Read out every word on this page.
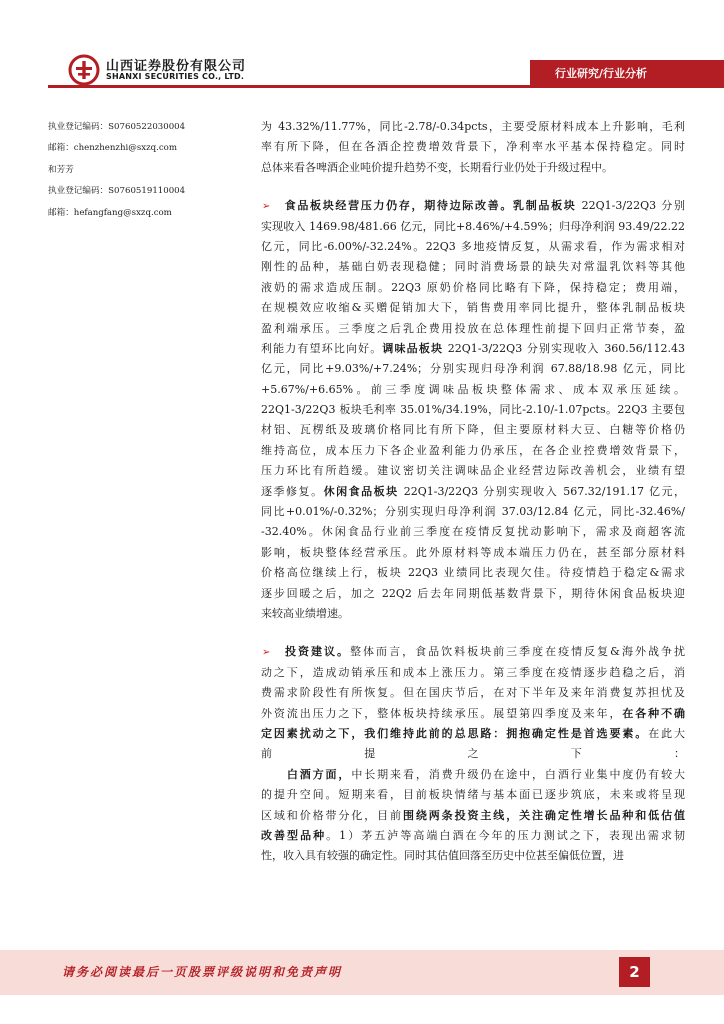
山西证券股份有限公司
SHANXI SECURITIES CO., LTD.	行业研究/行业分析
执业登记编码：S0760522030004
邮箱：chenzhenzhi@sxzq.com
和芳芳
执业登记编码：S0760519110004
邮箱：hefangfang@sxzq.com
为 43.32%/11.77%，同比-2.78/-0.34pcts，主要受原材料成本上升影响，毛利
率有所下降，但在各酒企控费增效背景下，净利率水平基本保持稳定。同时
总体来看各啤酒企业吨价提升趋势不变，长期看行业仍处于升级过程中。
➢ 食品板块经营压力仍存，期待边际改善。乳制品板块 22Q1-3/22Q3 分别
实现收入 1469.98/481.66 亿元，同比+8.46%/+4.59%；归母净利润 93.49/22.22
亿元，同比-6.00%/-32.24%。22Q3 多地疫情反复，从需求看，作为需求相对
刚性的品种，基础白奶表现稳健；同时消费场景的缺失对常温乳饮料等其他
液奶的需求造成压制。22Q3 原奶价格同比略有下降，保持稳定；费用端，
在规模效应收缩&买赠促销加大下，销售费用率同比提升，整体乳制品板块
盈利端承压。三季度之后乳企费用投放在总体理性前提下回归正常节奏，盈
利能力有望环比向好。调味品板块 22Q1-3/22Q3 分别实现收入 360.56/112.43
亿元，同比+9.03%/+7.24%；分别实现归母净利润 67.88/18.98 亿元，同比
+5.67%/+6.65%。前三季度调味品板块整体需求、成本双承压延续。
22Q1-3/22Q3 板块毛利率 35.01%/34.19%，同比-2.10/-1.07pcts。22Q3 主要包
材铝、瓦楞纸及玻璃价格同比有所下降，但主要原材料大豆、白糖等价格仍
维持高位，成本压力下各企业盈利能力仍承压，在各企业控费增效背景下，
压力环比有所趋缓。建议密切关注调味品企业经营边际改善机会，业绩有望
逐季修复。休闲食品板块 22Q1-3/22Q3 分别实现收入 567.32/191.17 亿元，
同比+0.01%/-0.32%；分别实现归母净利润 37.03/12.84 亿元，同比-32.46%/
-32.40%。休闲食品行业前三季度在疫情反复扰动影响下，需求及商超客流
影响，板块整体经营承压。此外原材料等成本端压力仍在，甚至部分原材料
价格高位继续上行，板块 22Q3 业绩同比表现欠佳。待疫情趋于稳定&需求
逐步回暖之后，加之 22Q2 后去年同期低基数背景下，期待休闲食品板块迎
来较高业绩增速。
➢ 投资建议。整体而言，食品饮料板块前三季度在疫情反复&海外战争扰
动之下，造成动销承压和成本上涨压力。第三季度在疫情逐步趋稳之后，消
费需求阶段性有所恢复。但在国庆节后，在对下半年及来年消费复苏担忧及
外资流出压力之下，整体板块持续承压。展望第四季度及来年，在各种不确
定因素扰动之下，我们维持此前的总思路：拥抱确定性是首选要素。在此大
前提之下：
　　白酒方面，中长期来看，消费升级仍在途中，白酒行业集中度仍有较大
的提升空间。短期来看，目前板块情绪与基本面已逐步筑底，未来或将呈现
区域和价格带分化，目前围绕两条投资主线，关注确定性增长品种和低估值
改善型品种。1）茅五泸等高端白酒在今年的压力测试之下，表现出需求韧
性，收入具有较强的确定性。同时其估值回落至历史中位甚至偏低位置，进
请务必阅读最后一页股票评级说明和免责声明	2
